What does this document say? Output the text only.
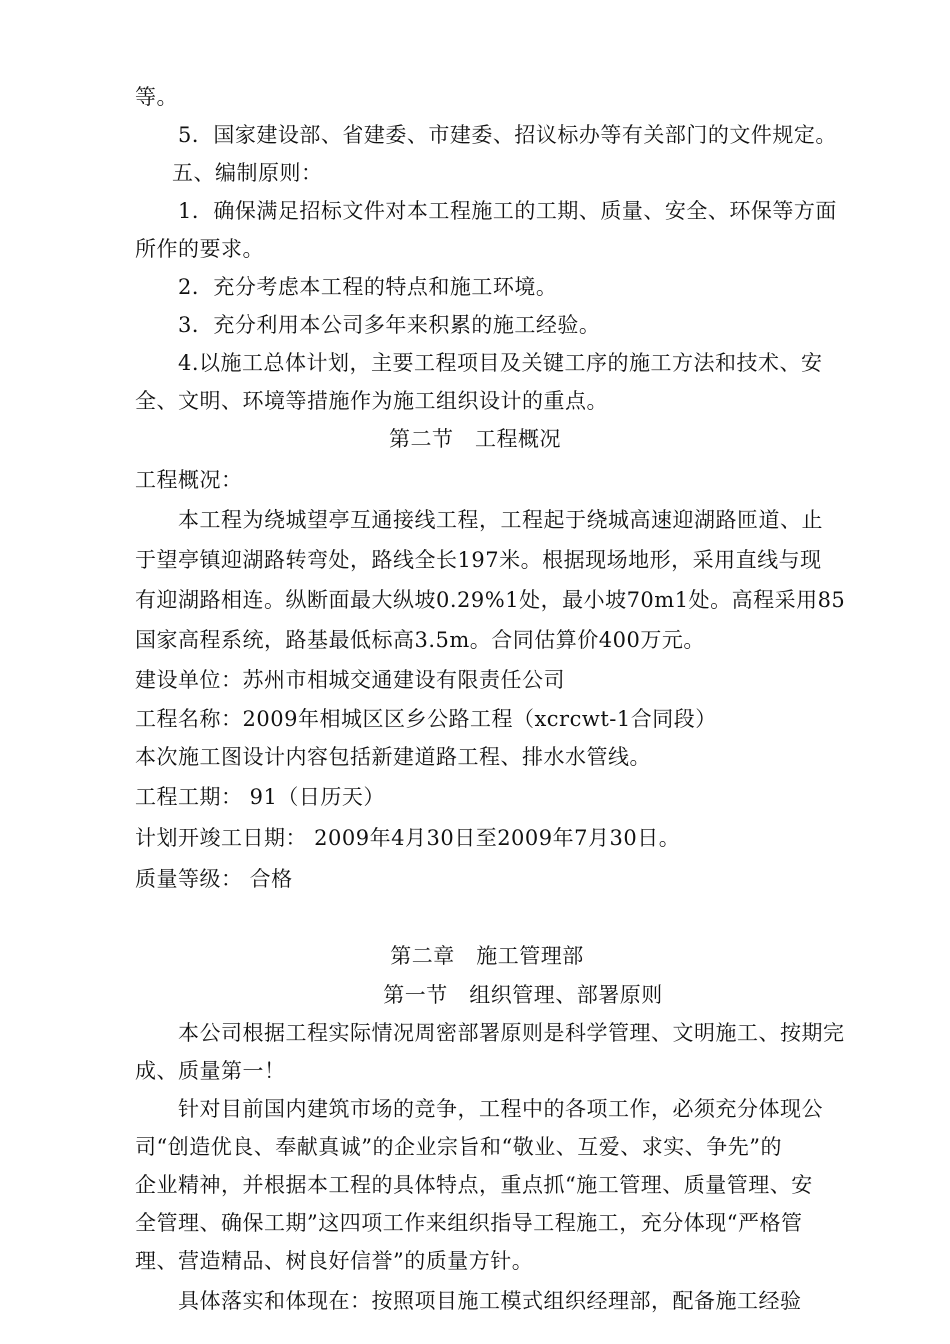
等。
5．国家建设部、省建委、市建委、招议标办等有关部门的文件规定。
五、编制原则：
1．确保满足招标文件对本工程施工的工期、质量、安全、环保等方面
所作的要求。
2．充分考虑本工程的特点和施工环境。
3．充分利用本公司多年来积累的施工经验。
4.以施工总体计划，主要工程项目及关键工序的施工方法和技术、安
全、文明、环境等措施作为施工组织设计的重点。
第二节　工程概况
工程概况：
本工程为绕城望亭互通接线工程，工程起于绕城高速迎湖路匝道、止
于望亭镇迎湖路转弯处，路线全长197米。根据现场地形，采用直线与现
有迎湖路相连。纵断面最大纵坡0.29%1处，最小坡70m1处。高程采用85
国家高程系统，路基最低标高3.5m。合同估算价400万元。
建设单位：苏州市相城交通建设有限责任公司
工程名称：2009年相城区区乡公路工程（xcrcwt-1合同段）
本次施工图设计内容包括新建道路工程、排水水管线。
工程工期： 91（日历天）
计划开竣工日期： 2009年4月30日至2009年7月30日。
质量等级： 合格
第二章　施工管理部
第一节　组织管理、部署原则
本公司根据工程实际情况周密部署原则是科学管理、文明施工、按期完
成、质量第一！
针对目前国内建筑市场的竞争，工程中的各项工作，必须充分体现公
司“创造优良、奉献真诚”的企业宗旨和“敬业、互爱、求实、争先”的
企业精神，并根据本工程的具体特点，重点抓“施工管理、质量管理、安
全管理、确保工期”这四项工作来组织指导工程施工，充分体现“严格管
理、营造精品、树良好信誉”的质量方针。
具体落实和体现在：按照项目施工模式组织经理部，配备施工经验
